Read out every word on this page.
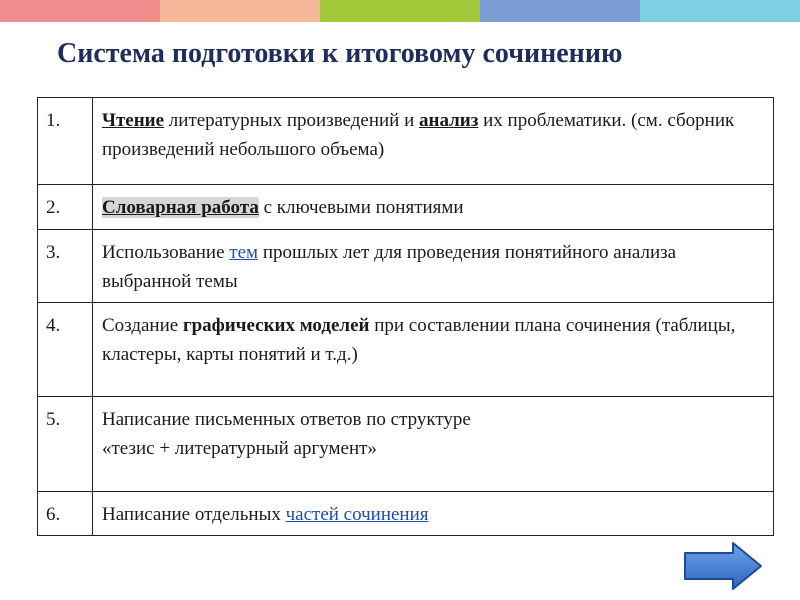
Система подготовки к итоговому сочинению
1.	Чтение литературных произведений и анализ их проблематики. (см. сборник произведений небольшого объема)
2.	Словарная работа с ключевыми понятиями
3.	Использование тем прошлых лет для проведения понятийного анализа выбранной темы
4.	Создание графических моделей при составлении плана сочинения (таблицы, кластеры, карты понятий и т.д.)
5.	Написание письменных ответов по структуре
«тезис + литературный аргумент»
6.	Написание отдельных частей сочинения
